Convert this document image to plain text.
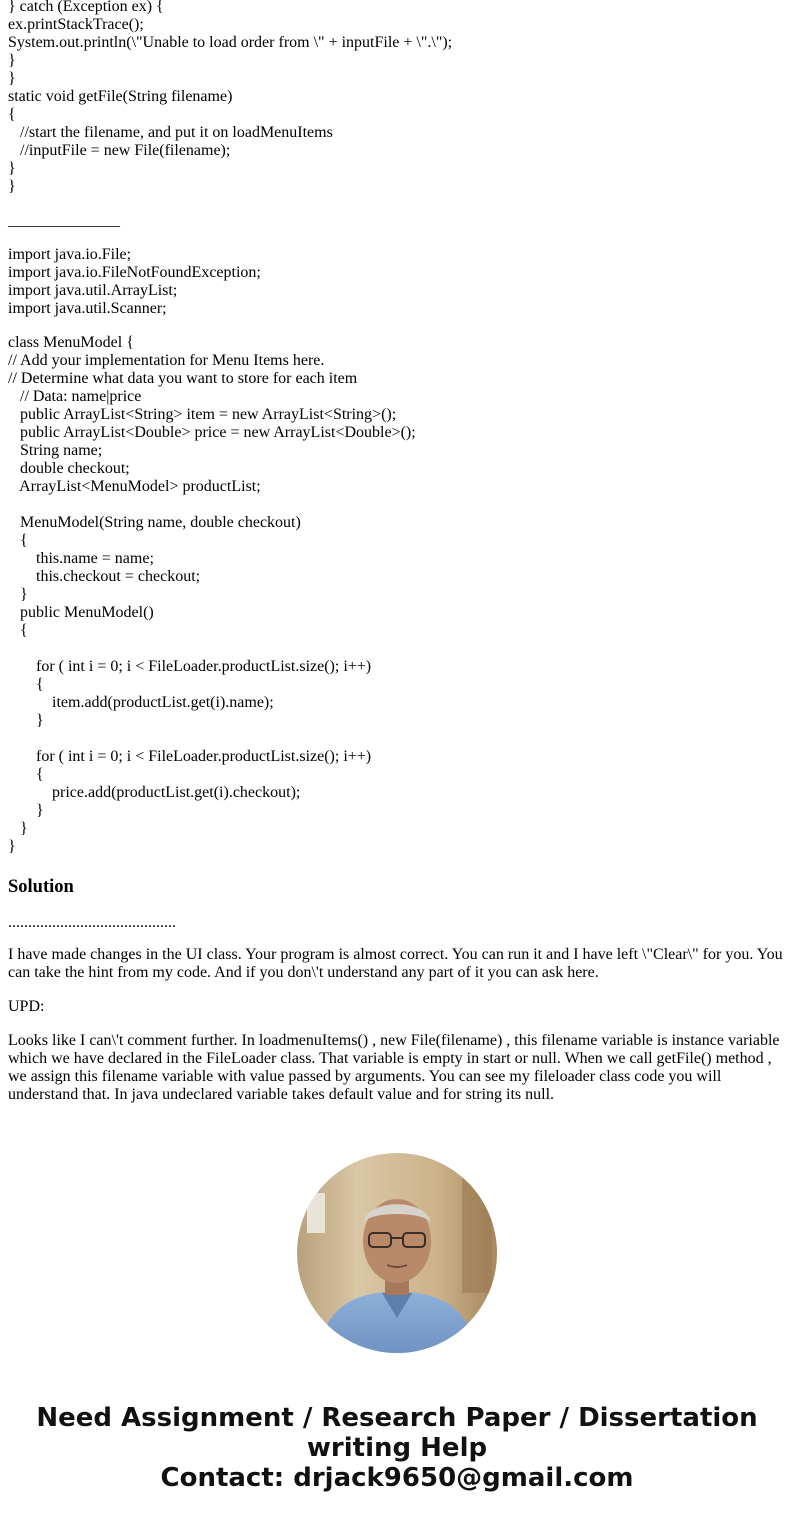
} catch (Exception ex) {
ex.printStackTrace();
System.out.println(\"Unable to load order from \" + inputFile + \".\");
}
}
static void getFile(String filename)
{
//start the filename, and put it on loadMenuItems
//inputFile = new File(filename);
}
}
______________
import java.io.File;
import java.io.FileNotFoundException;
import java.util.ArrayList;
import java.util.Scanner;
class MenuModel {
// Add your implementation for Menu Items here.
// Determine what data you want to store for each item
// Data: name|price
public ArrayList<String> item = new ArrayList<String>();
public ArrayList<Double> price = new ArrayList<Double>();
String name;
double checkout;
ArrayList<MenuModel> productList;
MenuModel(String name, double checkout)
{
this.name = name;
this.checkout = checkout;
}
public MenuModel()
{
for ( int i = 0; i < FileLoader.productList.size(); i++)
{
item.add(productList.get(i).name);
}
for ( int i = 0; i < FileLoader.productList.size(); i++)
{
price.add(productList.get(i).checkout);
}
}
}
Solution

..........................................

I have made changes in the UI class. Your program is almost correct. You can run it and I have left \"Clear\" for you. You can take the hint from my code. And if you don\'t understand any part of it you can ask here.

UPD:

Looks like I can\'t comment further. In loadmenuItems() , new File(filename) , this filename variable is instance variable which we have declared in the FileLoader class. That variable is empty in start or null. When we call getFile() method , we assign this filename variable with value passed by arguments. You can see my fileloader class code you will understand that. In java undeclared variable takes default value and for string its null.

Need Assignment / Research Paper / Dissertation
writing Help
Contact: drjack9650@gmail.com
